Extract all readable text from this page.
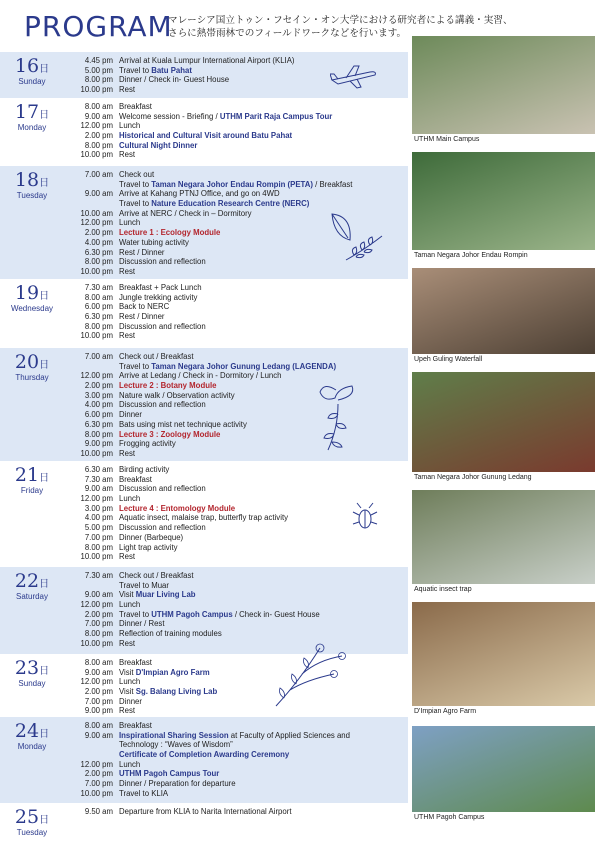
PROGRAM
マレーシア国立トゥン・フセイン・オン大学における研究者による講義・実習、
さらに熱帯雨林でのフィールドワークなどを行います。
16日
Sunday
4.45 pm Arrival at Kuala Lumpur International Airport (KLIA)
5.00 pm Travel to Batu Pahat
8.00 pm Dinner / Check in- Guest House
10.00 pm Rest
17日
Monday
8.00 am Breakfast
9.00 am Welcome session - Briefing / UTHM Parit Raja Campus Tour
12.00 pm Lunch
2.00 pm Historical and Cultural Visit around Batu Pahat
8.00 pm Cultural Night Dinner
10.00 pm Rest
18日
Tuesday
7.00 am Check out
Travel to Taman Negara Johor Endau Rompin (PETA) / Breakfast
9.00 am Arrive at Kahang PTNJ Office, and go on 4WD
Travel to Nature Education Research Centre (NERC)
10.00 am Arrive at NERC / Check in – Dormitory
12.00 pm Lunch
2.00 pm Lecture 1 : Ecology Module
4.00 pm Water tubing activity
6.30 pm Rest / Dinner
8.00 pm Discussion and reflection
10.00 pm Rest
19日
Wednesday
7.30 am Breakfast + Pack Lunch
8.00 am Jungle trekking activity
6.00 pm Back to NERC
6.30 pm Rest / Dinner
8.00 pm Discussion and reflection
10.00 pm Rest
20日
Thursday
7.00 am Check out / Breakfast
Travel to Taman Negara Johor Gunung Ledang (LAGENDA)
12.00 pm Arrive at Ledang / Check in - Dormitory / Lunch
2.00 pm Lecture 2 : Botany Module
3.00 pm Nature walk / Observation activity
4.00 pm Discussion and reflection
6.00 pm Dinner
6.30 pm Bats using mist net technique activity
8.00 pm Lecture 3 : Zoology Module
9.00 pm Frogging activity
10.00 pm Rest
21日
Friday
6.30 am Birding activity
7.30 am Breakfast
9.00 am Discussion and reflection
12.00 pm Lunch
3.00 pm Lecture 4 : Entomology Module
4.00 pm Aquatic insect, malaise trap, butterfly trap activity
5.00 pm Discussion and reflection
7.00 pm Dinner (Barbeque)
8.00 pm Light trap activity
10.00 pm Rest
22日
Saturday
7.30 am Check out / Breakfast
Travel to Muar
9.00 am Visit Muar Living Lab
12.00 pm Lunch
2.00 pm Travel to UTHM Pagoh Campus / Check in- Guest House
7.00 pm Dinner / Rest
8.00 pm Reflection of training modules
10.00 pm Rest
23日
Sunday
8.00 am Breakfast
9.00 am Visit D'Impian Agro Farm
12.00 pm Lunch
2.00 pm Visit Sg. Balang Living Lab
7.00 pm Dinner
9.00 pm Rest
24日
Monday
8.00 am Breakfast
9.00 am Inspirational Sharing Session at Faculty of Applied Sciences and
Technology : “Waves of Wisdom”
Certificate of Completion Awarding Ceremony
12.00 pm Lunch
2.00 pm UTHM Pagoh Campus Tour
7.00 pm Dinner / Preparation for departure
10.00 pm Travel to KLIA
25日
Tuesday
9.50 am Departure from KLIA to Narita International Airport
UTHM Main Campus
Taman Negara Johor Endau Rompin
Upeh Guling Waterfall
Taman Negara Johor Gunung Ledang
Aquatic insect trap
D'Impian Agro Farm
UTHM Pagoh Campus
